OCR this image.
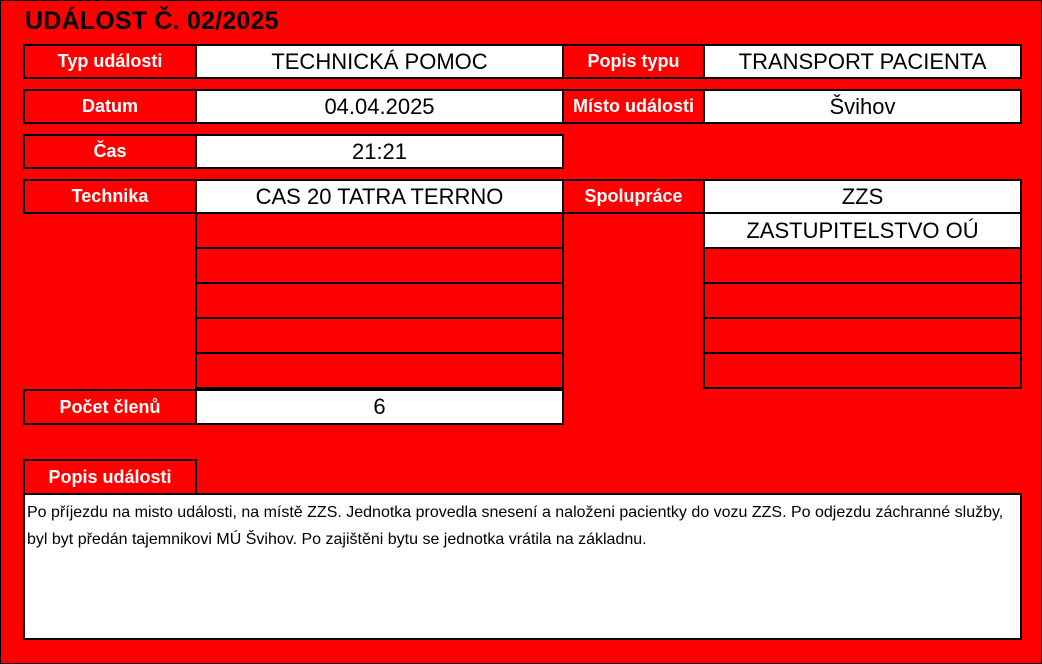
UDÁLOST Č. 02/2025
Typ události	TECHNICKÁ POMOC	Popis typu	TRANSPORT PACIENTA
Datum	04.04.2025	Místo události	Švihov
Čas	21:21
Technika	CAS 20 TATRA TERRNO	Spolupráce	ZZS
ZASTUPITELSTVO OÚ
Počet členů	6
Popis události
Po příjezdu na misto události, na místě ZZS. Jednotka provedla snesení a naloženi pacientky do vozu ZZS. Po odjezdu záchranné služby, byl byt předán tajemnikovi MÚ Švihov. Po zajištěni bytu se jednotka vrátila na základnu.
